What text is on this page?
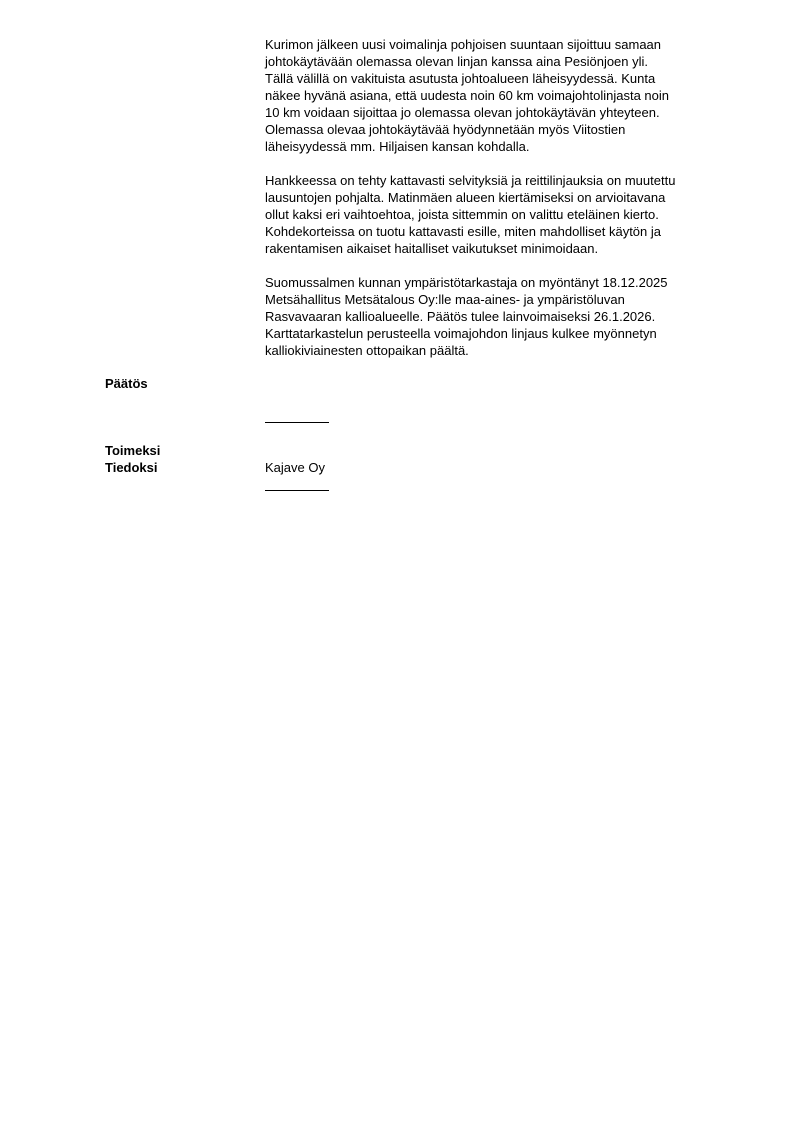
Kurimon jälkeen uusi voimalinja pohjoisen suuntaan sijoittuu samaan
johtokäytävään olemassa olevan linjan kanssa aina Pesiönjoen yli.
Tällä välillä on vakituista asutusta johtoalueen läheisyydessä. Kunta
näkee hyvänä asiana, että uudesta noin 60 km voimajohtolinjasta noin
10 km voidaan sijoittaa jo olemassa olevan johtokäytävän yhteyteen.
Olemassa olevaa johtokäytävää hyödynnetään myös Viitostien
läheisyydessä mm. Hiljaisen kansan kohdalla.

Hankkeessa on tehty kattavasti selvityksiä ja reittilinjauksia on muutettu
lausuntojen pohjalta. Matinmäen alueen kiertämiseksi on arvioitavana
ollut kaksi eri vaihtoehtoa, joista sittemmin on valittu eteläinen kierto.
Kohdekorteissa on tuotu kattavasti esille, miten mahdolliset käytön ja
rakentamisen aikaiset haitalliset vaikutukset minimoidaan.

Suomussalmen kunnan ympäristötarkastaja on myöntänyt 18.12.2025
Metsähallitus Metsätalous Oy:lle maa-aines- ja ympäristöluvan
Rasvavaaran kallioalueelle. Päätös tulee lainvoimaiseksi 26.1.2026.
Karttatarkastelun perusteella voimajohdon linjaus kulkee myönnetyn
kalliokiviainesten ottopaikan päältä.

Päätös
Toimeksi
Tiedoksi	Kajave Oy
